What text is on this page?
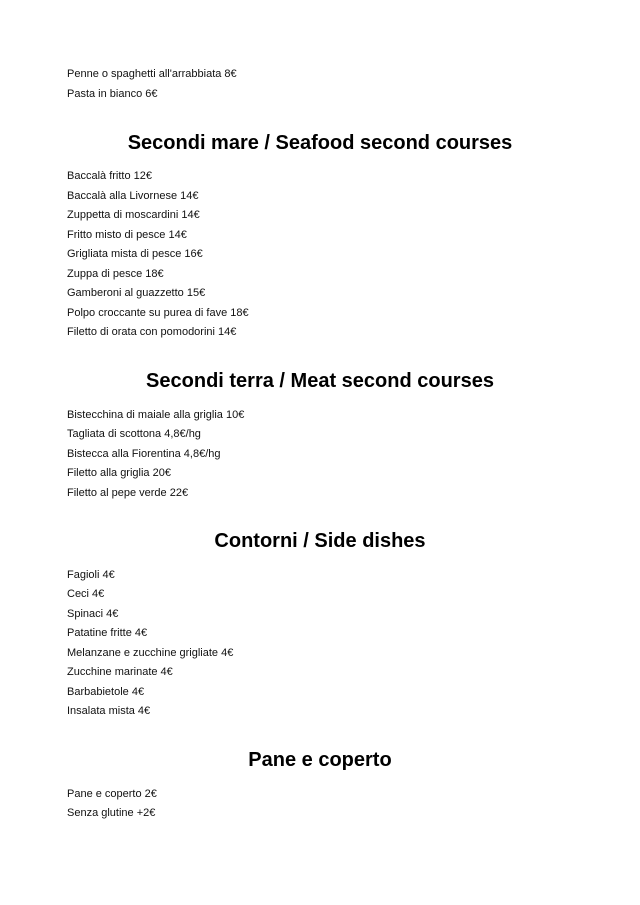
Penne o spaghetti all'arrabbiata 8€
Pasta in bianco 6€
Secondi mare / Seafood second courses
Baccalà fritto 12€
Baccalà alla Livornese 14€
Zuppetta di moscardini 14€
Fritto misto di pesce 14€
Grigliata mista di pesce 16€
Zuppa di pesce 18€
Gamberoni al guazzetto 15€
Polpo croccante su purea di fave 18€
Filetto di orata con pomodorini 14€
Secondi terra / Meat second courses
Bistecchina di maiale alla griglia 10€
Tagliata di scottona 4,8€/hg
Bistecca alla Fiorentina 4,8€/hg
Filetto alla griglia 20€
Filetto al pepe verde 22€
Contorni / Side dishes
Fagioli 4€
Ceci 4€
Spinaci 4€
Patatine fritte 4€
Melanzane e zucchine grigliate 4€
Zucchine marinate 4€
Barbabietole 4€
Insalata mista 4€
Pane e coperto
Pane e coperto 2€
Senza glutine +2€
